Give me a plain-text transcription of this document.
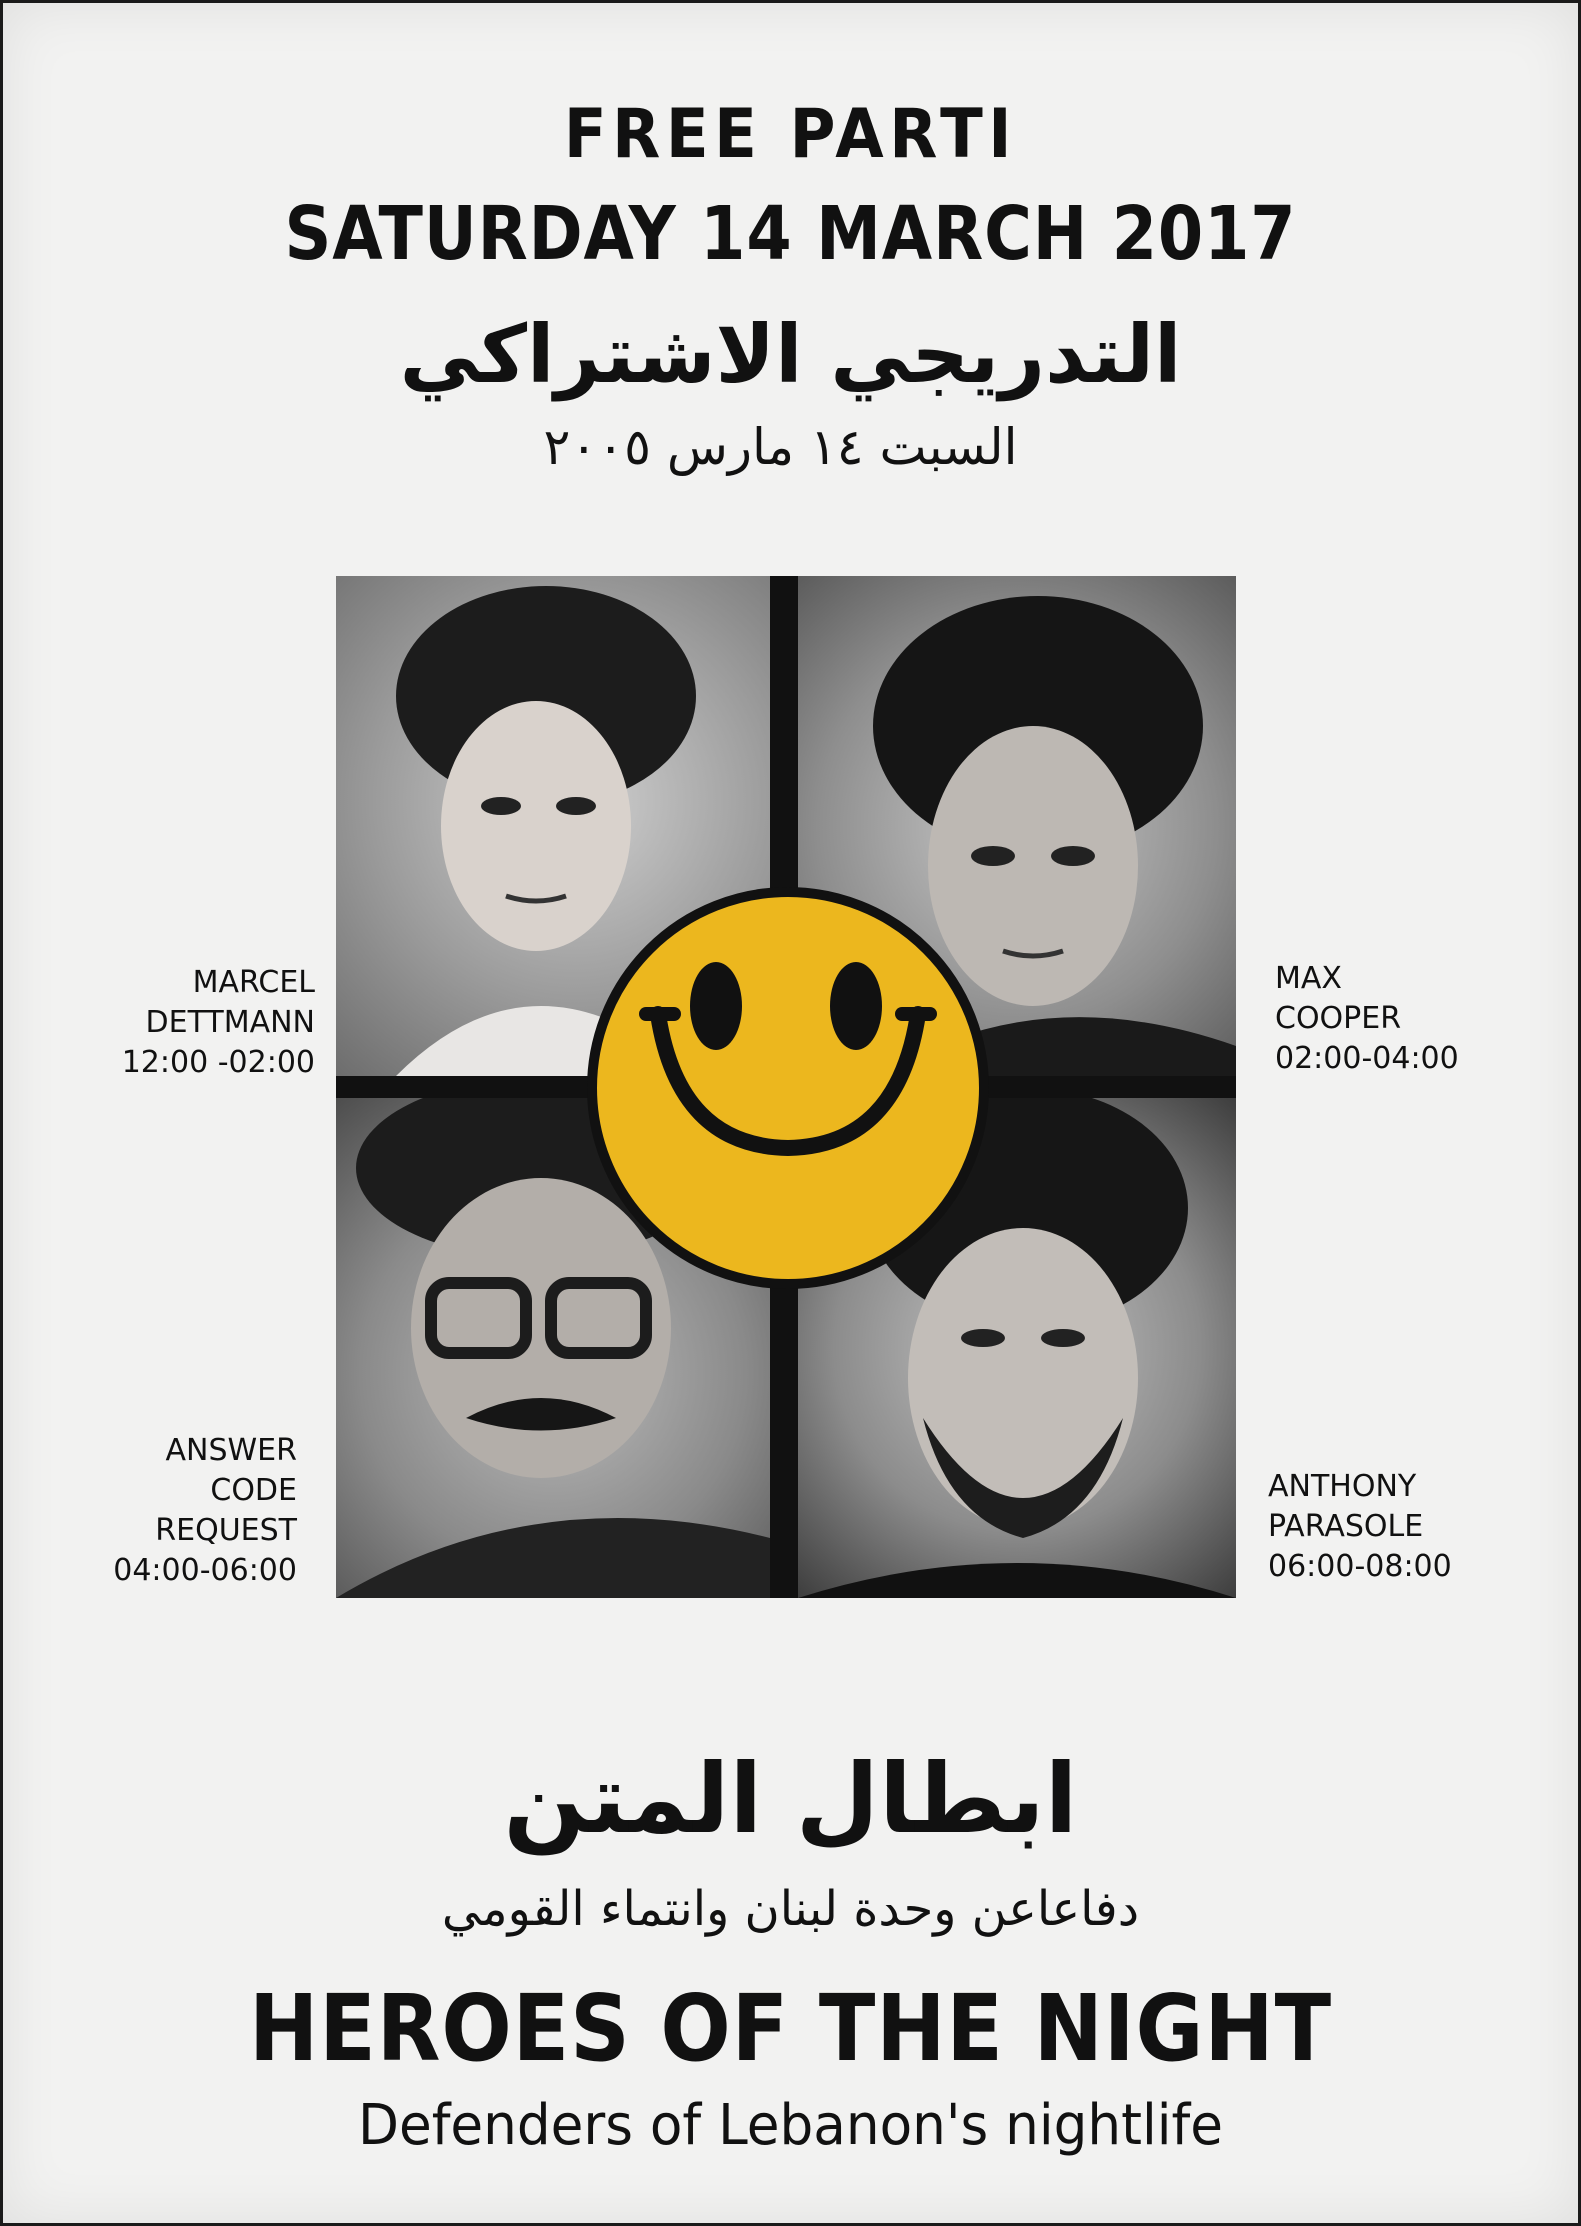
FREE PARTI
SATURDAY 14 MARCH 2017
التدريجي الاشتراكي
السبت ١٤ مارس ٢٠٠٥
MARCEL
DETTMANN
12:00 -02:00
MAX
COOPER
02:00-04:00
ANSWER
CODE
REQUEST
04:00-06:00
ANTHONY
PARASOLE
06:00-08:00
ابطال المتن
دفاعاعن وحدة لبنان وانتماء القومي
HEROES OF THE NIGHT
Defenders of Lebanon's nightlife
